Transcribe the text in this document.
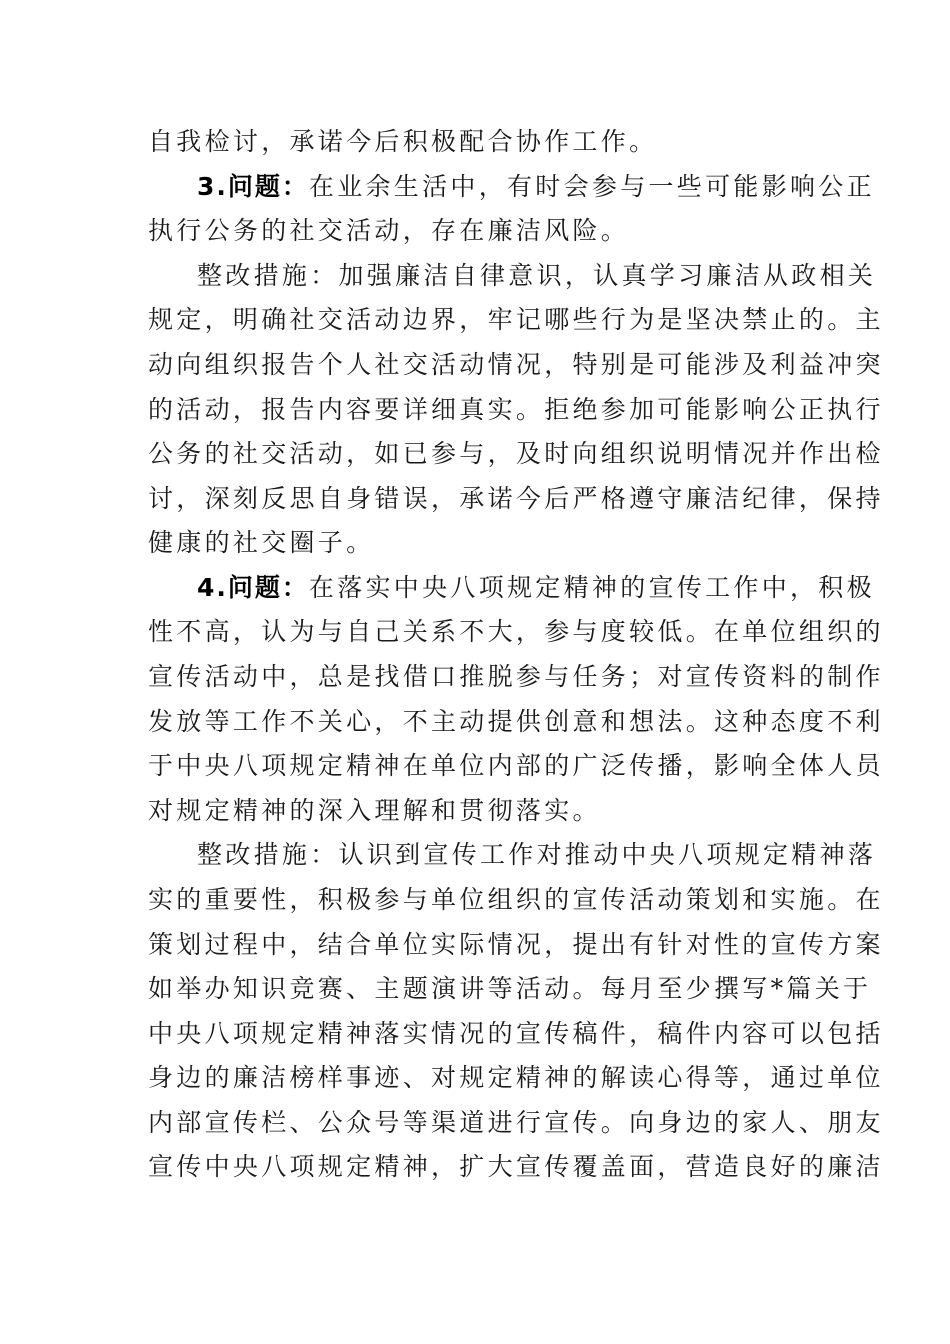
自我检讨，承诺今后积极配合协作工作。
3.问题：在业余生活中，有时会参与一些可能影响公正
执行公务的社交活动，存在廉洁风险。
整改措施：加强廉洁自律意识，认真学习廉洁从政相关
规定，明确社交活动边界，牢记哪些行为是坚决禁止的。主
动向组织报告个人社交活动情况，特别是可能涉及利益冲突
的活动，报告内容要详细真实。拒绝参加可能影响公正执行
公务的社交活动，如已参与，及时向组织说明情况并作出检
讨，深刻反思自身错误，承诺今后严格遵守廉洁纪律，保持
健康的社交圈子。
4.问题：在落实中央八项规定精神的宣传工作中，积极
性不高，认为与自己关系不大，参与度较低。在单位组织的
宣传活动中，总是找借口推脱参与任务；对宣传资料的制作
发放等工作不关心，不主动提供创意和想法。这种态度不利
于中央八项规定精神在单位内部的广泛传播，影响全体人员
对规定精神的深入理解和贯彻落实。
整改措施：认识到宣传工作对推动中央八项规定精神落
实的重要性，积极参与单位组织的宣传活动策划和实施。在
策划过程中，结合单位实际情况，提出有针对性的宣传方案
如举办知识竞赛、主题演讲等活动。每月至少撰写*篇关于
中央八项规定精神落实情况的宣传稿件，稿件内容可以包括
身边的廉洁榜样事迹、对规定精神的解读心得等，通过单位
内部宣传栏、公众号等渠道进行宣传。向身边的家人、朋友
宣传中央八项规定精神，扩大宣传覆盖面，营造良好的廉洁
